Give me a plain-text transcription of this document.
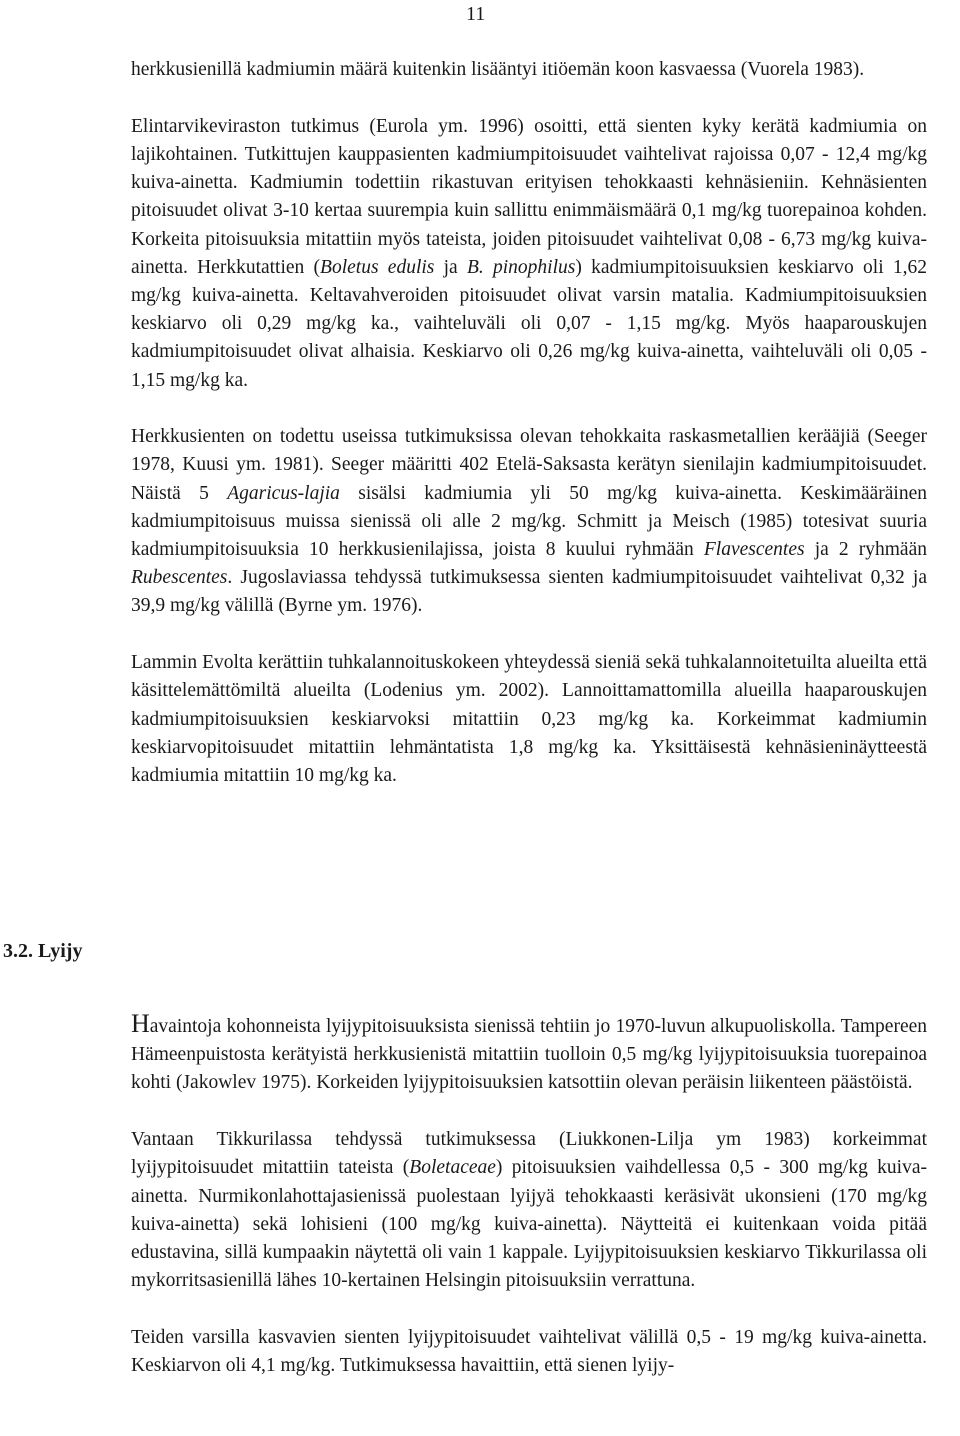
11

herkkusienillä kadmiumin määrä kuitenkin lisääntyi itiöemän koon kasvaessa (Vuorela 1983).

Elintarvikeviraston tutkimus (Eurola ym. 1996) osoitti, että sienten kyky kerätä kadmiumia on lajikohtainen. Tutkittujen kauppasienten kadmiumpitoisuudet vaihtelivat rajoissa 0,07 - 12,4 mg/kg kuiva-ainetta. Kadmiumin todettiin rikastuvan erityisen tehokkaasti kehnäsieniin. Kehnäsienten pitoisuudet olivat 3-10 kertaa suurempia kuin sallittu enimmäismäärä 0,1 mg/kg tuorepainoa kohden. Korkeita pitoisuuksia mitattiin myös tateista, joiden pitoisuudet vaihtelivat 0,08 - 6,73 mg/kg kuiva-ainetta. Herkkutattien (Boletus edulis ja B. pinophilus) kadmiumpitoisuuksien keskiarvo oli 1,62 mg/kg kuiva-ainetta. Keltavahveroiden pitoisuudet olivat varsin matalia. Kadmiumpitoisuuksien keskiarvo oli 0,29 mg/kg ka., vaihteluväli oli 0,07 - 1,15 mg/kg. Myös haaparouskujen kadmiumpitoisuudet olivat alhaisia. Keskiarvo oli 0,26 mg/kg kuiva-ainetta, vaihteluväli oli 0,05 - 1,15 mg/kg ka.

Herkkusienten on todettu useissa tutkimuksissa olevan tehokkaita raskasmetallien kerääjiä (Seeger 1978, Kuusi ym. 1981). Seeger määritti 402 Etelä-Saksasta kerätyn sienilajin kadmiumpitoisuudet. Näistä 5 Agaricus-lajia sisälsi kadmiumia yli 50 mg/kg kuiva-ainetta. Keskimääräinen kadmiumpitoisuus muissa sienissä oli alle 2 mg/kg. Schmitt ja Meisch (1985) totesivat suuria kadmiumpitoisuuksia 10 herkkusienilajissa, joista 8 kuului ryhmään Flavescentes ja 2 ryhmään Rubescentes. Jugoslaviassa tehdyssä tutkimuksessa sienten kadmiumpitoisuudet vaihtelivat 0,32 ja 39,9 mg/kg välillä (Byrne ym. 1976).

Lammin Evolta kerättiin tuhkalannoituskokeen yhteydessä sieniä sekä tuhkalannoitetuilta alueilta että käsittelemättömiltä alueilta (Lodenius ym. 2002). Lannoittamattomilla alueilla haaparouskujen kadmiumpitoisuuksien keskiarvoksi mitattiin 0,23 mg/kg ka. Korkeimmat kadmiumin keskiarvopitoisuudet mitattiin lehmäntatista 1,8 mg/kg ka. Yksittäisestä kehnäsieninäytteestä kadmiumia mitattiin 10 mg/kg ka.

3.2. Lyijy

Havaintoja kohonneista lyijypitoisuuksista sienissä tehtiin jo 1970-luvun alkupuoliskolla. Tampereen Hämeenpuistosta kerätyistä herkkusienistä mitattiin tuolloin 0,5 mg/kg lyijypitoisuuksia tuorepainoa kohti (Jakowlev 1975). Korkeiden lyijypitoisuuksien katsottiin olevan peräisin liikenteen päästöistä.

Vantaan Tikkurilassa tehdyssä tutkimuksessa (Liukkonen-Lilja ym 1983) korkeimmat lyijypitoisuudet mitattiin tateista (Boletaceae) pitoisuuksien vaihdellessa 0,5 - 300 mg/kg kuiva-ainetta. Nurmikonlahottajasienissä puolestaan lyijyä tehokkaasti keräsivät ukonsieni (170 mg/kg kuiva-ainetta) sekä lohisieni (100 mg/kg kuiva-ainetta). Näytteitä ei kuitenkaan voida pitää edustavina, sillä kumpaakin näytettä oli vain 1 kappale. Lyijypitoisuuksien keskiarvo Tikkurilassa oli mykorritsasienillä lähes 10-kertainen Helsingin pitoisuuksiin verrattuna.

Teiden varsilla kasvavien sienten lyijypitoisuudet vaihtelivat välillä 0,5 - 19 mg/kg kuiva-ainetta. Keskiarvon oli 4,1 mg/kg. Tutkimuksessa havaittiin, että sienen lyijy-
